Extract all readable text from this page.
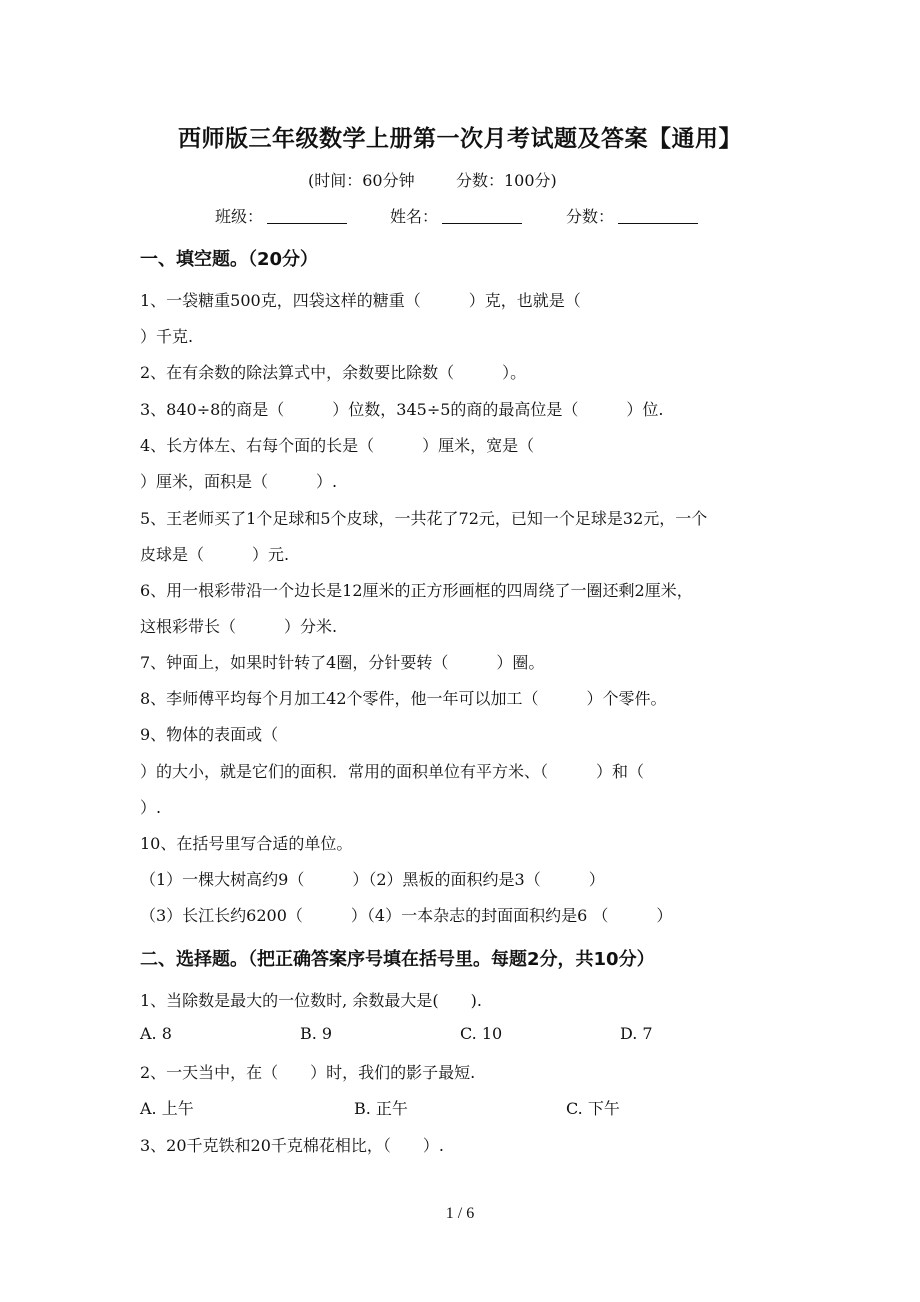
西师版三年级数学上册第一次月考试题及答案【通用】
(时间：60分钟	分数：100分)
班级：	姓名：	分数：
一、填空题。（20分）
1、一袋糖重500克，四袋这样的糖重（　　　）克，也就是（
）千克.
2、在有余数的除法算式中，余数要比除数（　　　）。
3、840÷8的商是（　　　）位数，345÷5的商的最高位是（　　　）位.
4、长方体左、右每个面的长是（　　　）厘米，宽是（
）厘米，面积是（　　　）.
5、王老师买了1个足球和5个皮球，一共花了72元，已知一个足球是32元，一个
皮球是（　　　）元.
6、用一根彩带沿一个边长是12厘米的正方形画框的四周绕了一圈还剩2厘米，
这根彩带长（　　　）分米.
7、钟面上，如果时针转了4圈，分针要转（　　　）圈。
8、李师傅平均每个月加工42个零件，他一年可以加工（　　　）个零件。
9、物体的表面或（
）的大小，就是它们的面积．常用的面积单位有平方米、（　　　）和（
）.
10、在括号里写合适的单位。
（1）一棵大树高约9（　　　）（2）黑板的面积约是3（　　　）
（3）长江长约6200（　　　）（4）一本杂志的封面面积约是6 （　　　）
二、选择题。（把正确答案序号填在括号里。每题2分，共10分）
1、当除数是最大的一位数时, 余数最大是(　　).
A. 8	B. 9	C. 10	D. 7
2、一天当中，在（　　）时，我们的影子最短.
A. 上午	B. 正午	C. 下午
3、20千克铁和20千克棉花相比，（　　）.
1 / 6
